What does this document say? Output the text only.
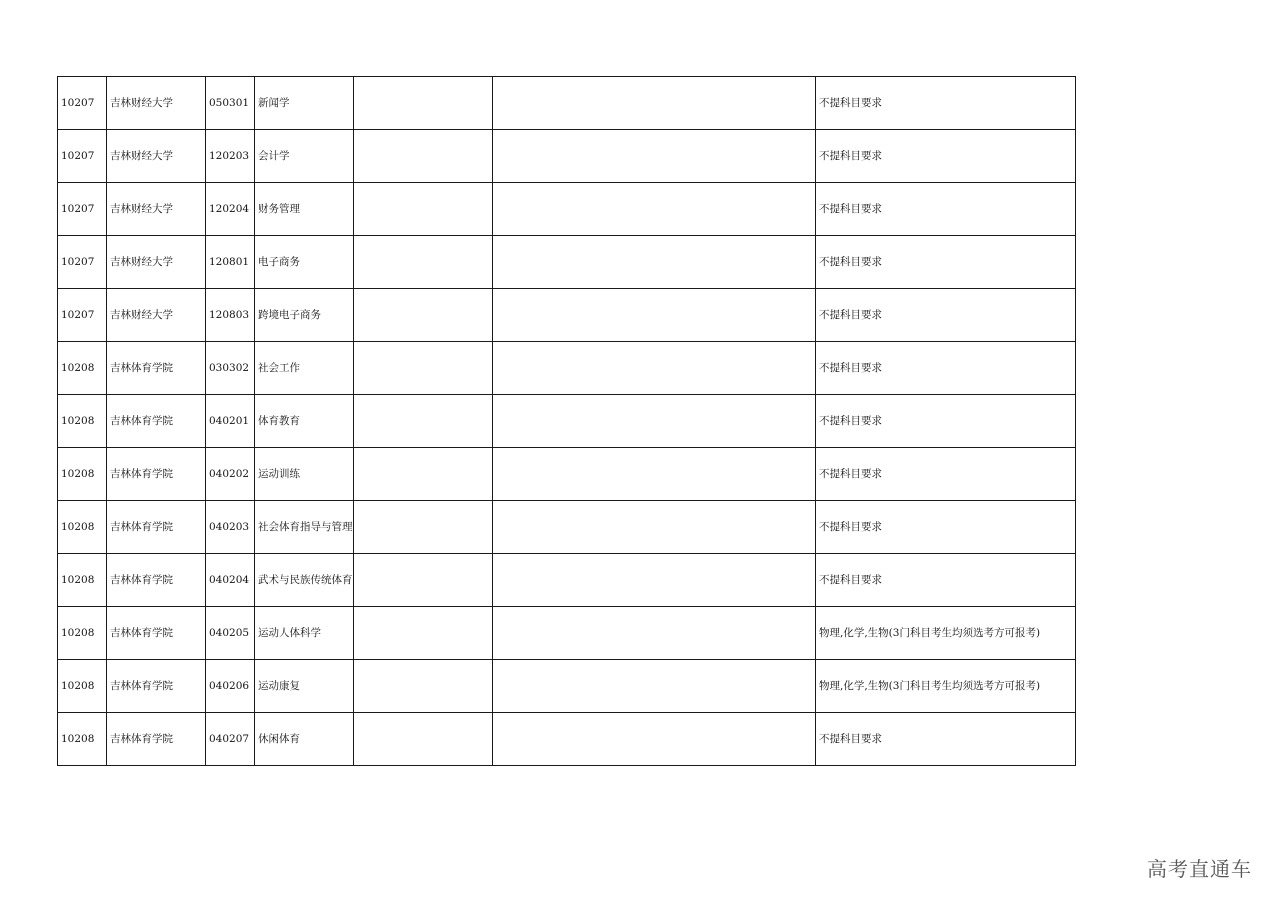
10207	吉林财经大学	050301	新闻学			不提科目要求
10207	吉林财经大学	120203	会计学			不提科目要求
10207	吉林财经大学	120204	财务管理			不提科目要求
10207	吉林财经大学	120801	电子商务			不提科目要求
10207	吉林财经大学	120803	跨境电子商务			不提科目要求
10208	吉林体育学院	030302	社会工作			不提科目要求
10208	吉林体育学院	040201	体育教育			不提科目要求
10208	吉林体育学院	040202	运动训练			不提科目要求
10208	吉林体育学院	040203	社会体育指导与管理			不提科目要求
10208	吉林体育学院	040204	武术与民族传统体育			不提科目要求
10208	吉林体育学院	040205	运动人体科学			物理,化学,生物(3门科目考生均须选考方可报考)
10208	吉林体育学院	040206	运动康复			物理,化学,生物(3门科目考生均须选考方可报考)
10208	吉林体育学院	040207	休闲体育			不提科目要求
高考直通车
